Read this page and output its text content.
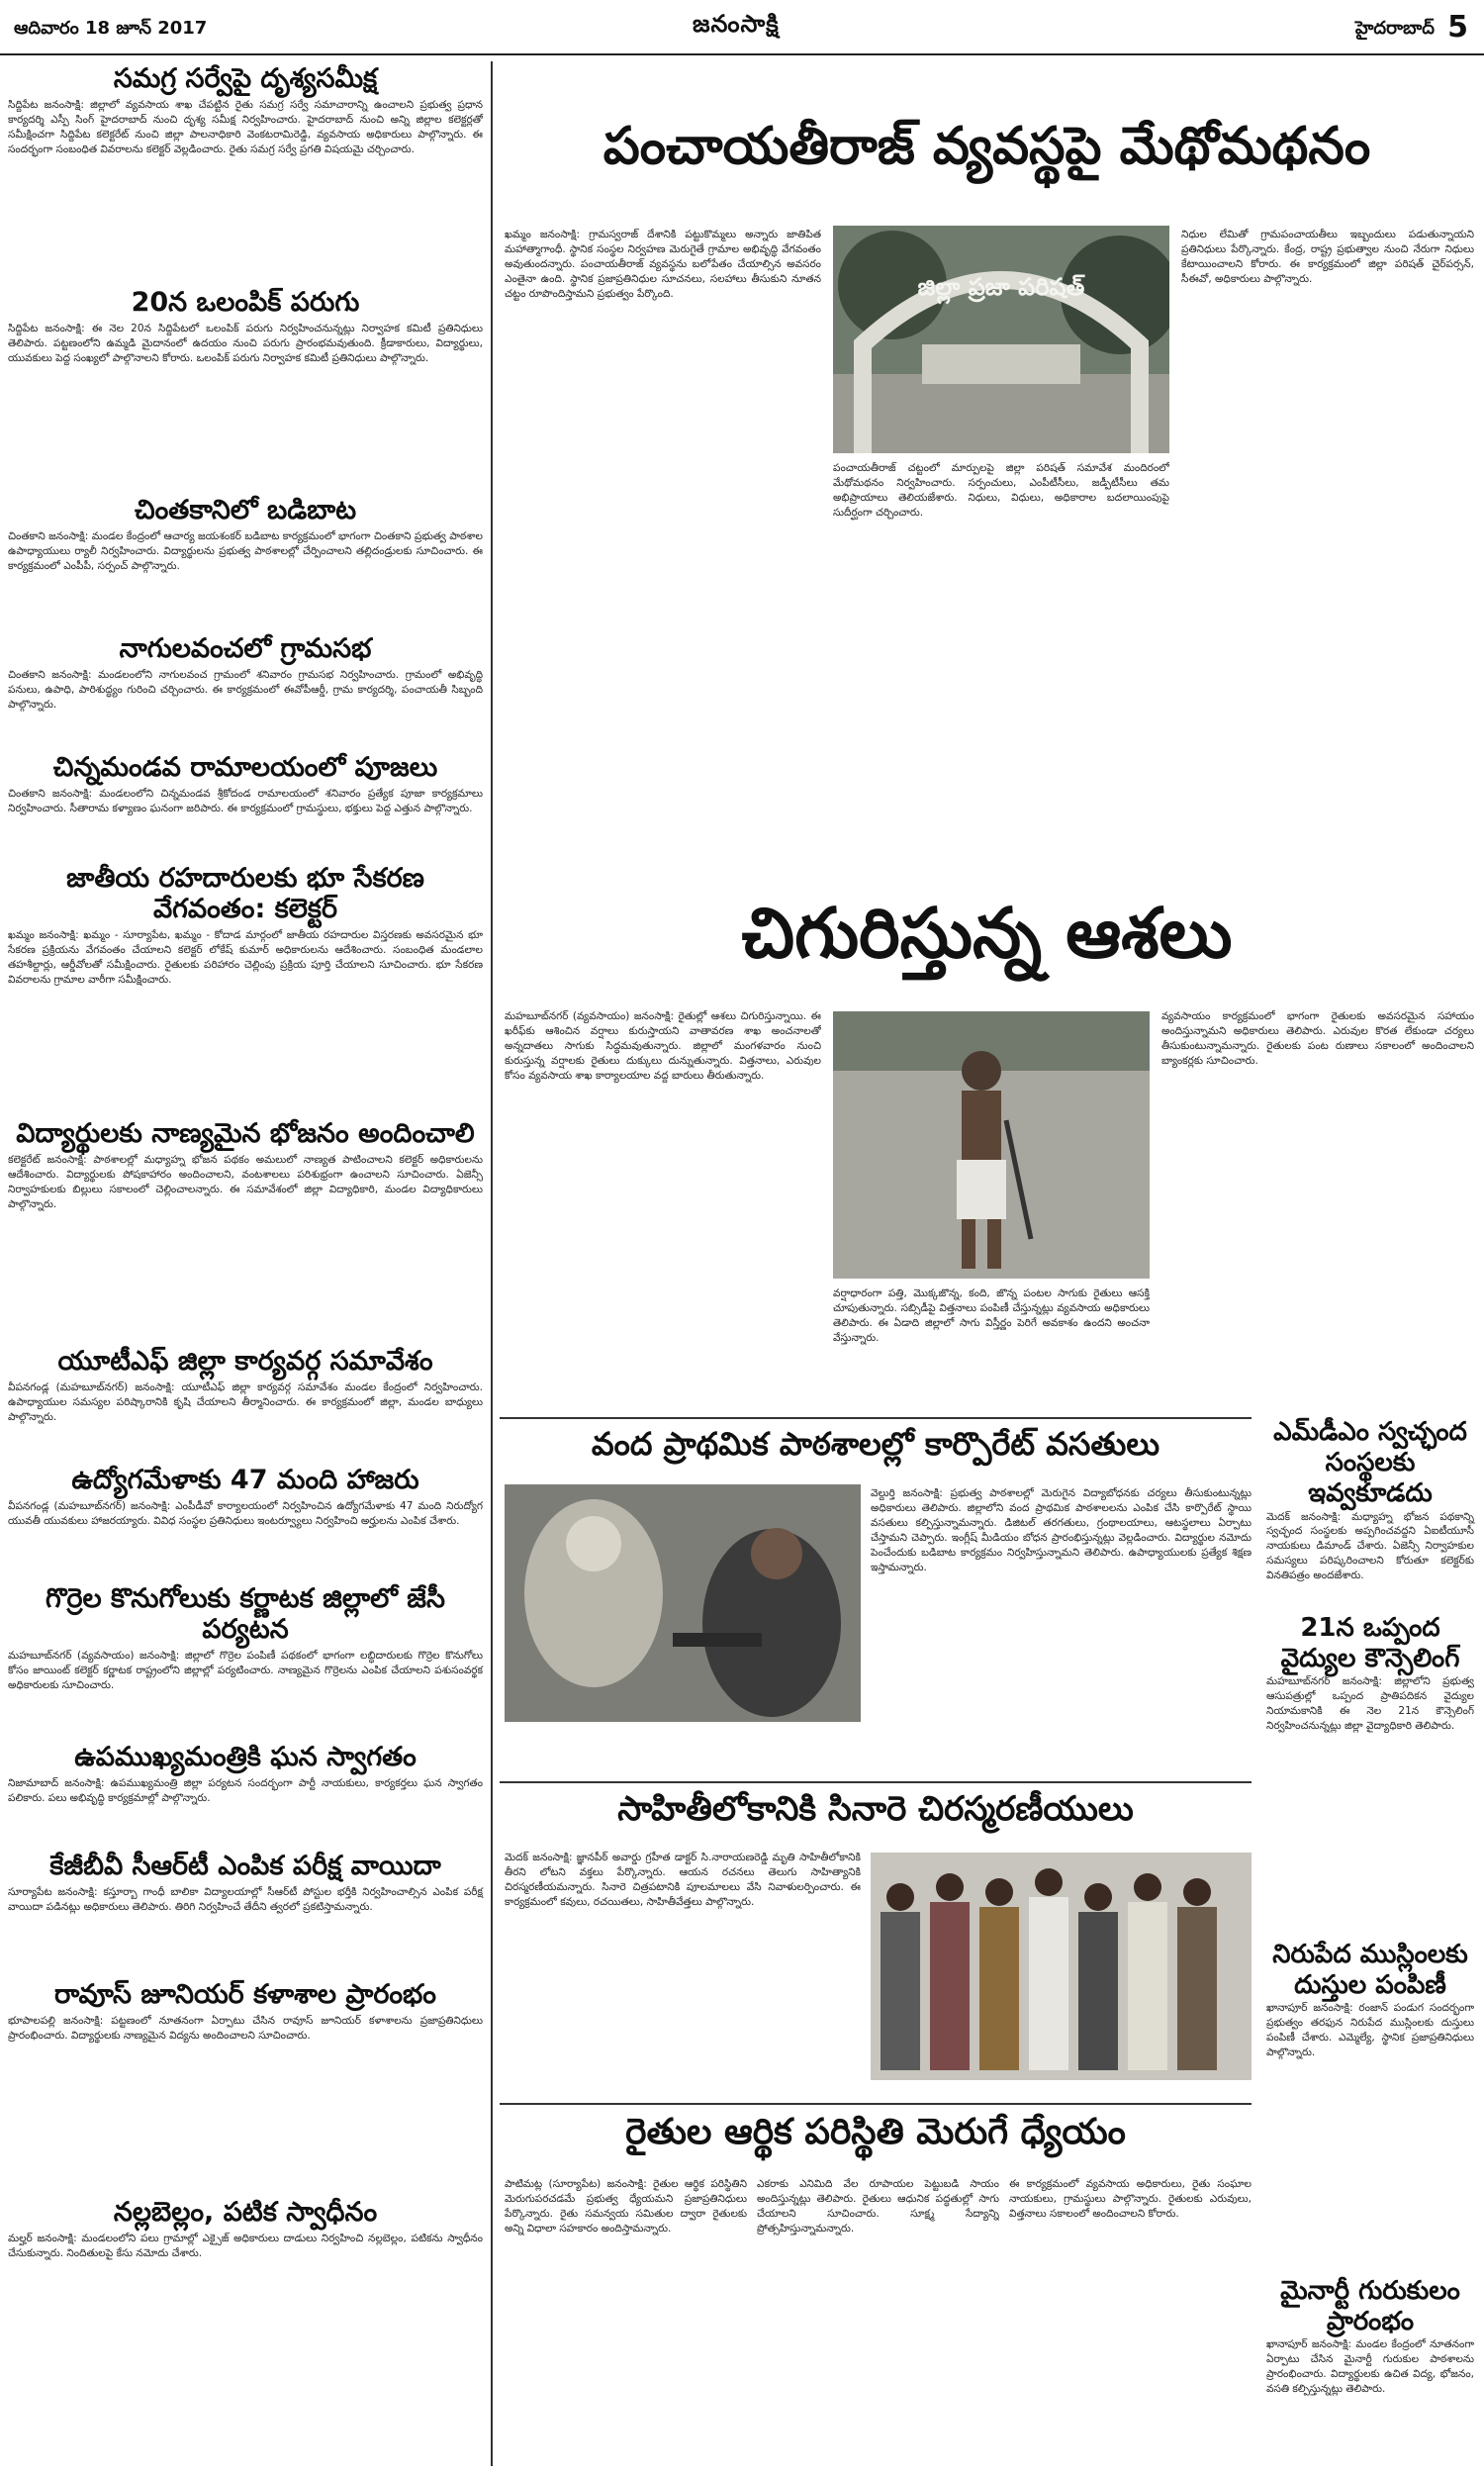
ఆదివారం 18 జూన్ 2017	జనంసాక్షి	హైదరాబాద్ 5
సమగ్ర సర్వేపై దృశ్యసమీక్ష

సిద్దిపేట జనంసాక్షి: జిల్లాలో వ్యవసాయ శాఖ చేపట్టిన రైతు సమగ్ర సర్వే సమాచారాన్ని ఉంచాలని ప్రభుత్వ ప్రధాన కార్యదర్శి ఎస్పీ సింగ్ హైదరాబాద్ నుంచి దృశ్య సమీక్ష నిర్వహించారు. హైదరాబాద్ నుంచి అన్ని జిల్లాల కలెక్టర్లతో సమీక్షించగా సిద్దిపేట కలెక్టరేట్ నుంచి జిల్లా పాలనాధికారి వెంకటరామిరెడ్డి, వ్యవసాయ అధికారులు పాల్గొన్నారు. ఈ సందర్భంగా సంబంధిత వివరాలను కలెక్టర్ వెల్లడించారు. రైతు సమగ్ర సర్వే ప్రగతి విషయమై చర్చించారు.

20న ఒలంపిక్ పరుగు

సిద్దిపేట జనంసాక్షి: ఈ నెల 20న సిద్దిపేటలో ఒలంపిక్ పరుగు నిర్వహించనున్నట్లు నిర్వాహక కమిటీ ప్రతినిధులు తెలిపారు. పట్టణంలోని ఉమ్మడి మైదానంలో ఉదయం నుంచి పరుగు ప్రారంభమవుతుంది. క్రీడాకారులు, విద్యార్థులు, యువకులు పెద్ద సంఖ్యలో పాల్గొనాలని కోరారు. ఒలంపిక్ పరుగు నిర్వాహక కమిటీ ప్రతినిధులు పాల్గొన్నారు.

చింతకానిలో బడిబాట

చింతకాని జనంసాక్షి: మండల కేంద్రంలో ఆచార్య జయశంకర్ బడిబాట కార్యక్రమంలో భాగంగా చింతకాని ప్రభుత్వ పాఠశాల ఉపాధ్యాయులు ర్యాలీ నిర్వహించారు. విద్యార్థులను ప్రభుత్వ పాఠశాలల్లో చేర్పించాలని తల్లిదండ్రులకు సూచించారు. ఈ కార్యక్రమంలో ఎంపీపీ, సర్పంచ్ పాల్గొన్నారు.

నాగులవంచలో గ్రామసభ

చింతకాని జనంసాక్షి: మండలంలోని నాగులవంచ గ్రామంలో శనివారం గ్రామసభ నిర్వహించారు. గ్రామంలో అభివృద్ధి పనులు, ఉపాధి, పారిశుద్ధ్యం గురించి చర్చించారు. ఈ కార్యక్రమంలో ఈవోపీఆర్డీ, గ్రామ కార్యదర్శి, పంచాయతీ సిబ్బంది పాల్గొన్నారు.

చిన్నమండవ రామాలయంలో పూజలు

చింతకాని జనంసాక్షి: మండలంలోని చిన్నమండవ శ్రీకోదండ రామాలయంలో శనివారం ప్రత్యేక పూజా కార్యక్రమాలు నిర్వహించారు. సీతారామ కళ్యాణం ఘనంగా జరిపారు. ఈ కార్యక్రమంలో గ్రామస్థులు, భక్తులు పెద్ద ఎత్తున పాల్గొన్నారు.

జాతీయ రహదారులకు భూ సేకరణ వేగవంతం: కలెక్టర్

ఖమ్మం జనంసాక్షి: ఖమ్మం - సూర్యాపేట, ఖమ్మం - కోదాడ మార్గంలో జాతీయ రహదారుల విస్తరణకు అవసరమైన భూ సేకరణ ప్రక్రియను వేగవంతం చేయాలని కలెక్టర్ లోకేష్ కుమార్ అధికారులను ఆదేశించారు. సంబంధిత మండలాల తహశీల్దార్లు, ఆర్డీవోలతో సమీక్షించారు. రైతులకు పరిహారం చెల్లింపు ప్రక్రియ పూర్తి చేయాలని సూచించారు. భూ సేకరణ వివరాలను గ్రామాల వారీగా సమీక్షించారు.

విద్యార్థులకు నాణ్యమైన భోజనం అందించాలి

కలెక్టరేట్ జనంసాక్షి: పాఠశాలల్లో మధ్యాహ్న భోజన పథకం అమలులో నాణ్యత పాటించాలని కలెక్టర్ అధికారులను ఆదేశించారు. విద్యార్థులకు పోషకాహారం అందించాలని, వంటశాలలు పరిశుభ్రంగా ఉంచాలని సూచించారు. ఏజెన్సీ నిర్వాహకులకు బిల్లులు సకాలంలో చెల్లించాలన్నారు. ఈ సమావేశంలో జిల్లా విద్యాధికారి, మండల విద్యాధికారులు పాల్గొన్నారు.

యూటీఎఫ్ జిల్లా కార్యవర్గ సమావేశం

వీపనగండ్ల (మహబూబ్‌నగర్) జనంసాక్షి: యూటీఎఫ్ జిల్లా కార్యవర్గ సమావేశం మండల కేంద్రంలో నిర్వహించారు. ఉపాధ్యాయుల సమస్యల పరిష్కారానికి కృషి చేయాలని తీర్మానించారు. ఈ కార్యక్రమంలో జిల్లా, మండల బాధ్యులు పాల్గొన్నారు.

ఉద్యోగమేళాకు 47 మంది హాజరు

వీపనగండ్ల (మహబూబ్‌నగర్) జనంసాక్షి: ఎంపీడీవో కార్యాలయంలో నిర్వహించిన ఉద్యోగమేళాకు 47 మంది నిరుద్యోగ యువతీ యువకులు హాజరయ్యారు. వివిధ సంస్థల ప్రతినిధులు ఇంటర్వ్యూలు నిర్వహించి అర్హులను ఎంపిక చేశారు.

గొర్రెల కొనుగోలుకు కర్ణాటక జిల్లాలో జేసీ పర్యటన

మహబూబ్‌నగర్ (వ్యవసాయం) జనంసాక్షి: జిల్లాలో గొర్రెల పంపిణీ పథకంలో భాగంగా లబ్ధిదారులకు గొర్రెల కొనుగోలు కోసం జాయింట్ కలెక్టర్ కర్ణాటక రాష్ట్రంలోని జిల్లాల్లో పర్యటించారు. నాణ్యమైన గొర్రెలను ఎంపిక చేయాలని పశుసంవర్థక అధికారులకు సూచించారు.

ఉపముఖ్యమంత్రికి ఘన స్వాగతం

నిజామాబాద్ జనంసాక్షి: ఉపముఖ్యమంత్రి జిల్లా పర్యటన సందర్భంగా పార్టీ నాయకులు, కార్యకర్తలు ఘన స్వాగతం పలికారు. పలు అభివృద్ధి కార్యక్రమాల్లో పాల్గొన్నారు.

కేజీబీవీ సీఆర్‌టీ ఎంపిక పరీక్ష వాయిదా

సూర్యాపేట జనంసాక్షి: కస్తూర్బా గాంధీ బాలికా విద్యాలయాల్లో సీఆర్‌టీ పోస్టుల భర్తీకి నిర్వహించాల్సిన ఎంపిక పరీక్ష వాయిదా పడినట్లు అధికారులు తెలిపారు. తిరిగి నిర్వహించే తేదీని త్వరలో ప్రకటిస్తామన్నారు.

రావూస్ జూనియర్ కళాశాల ప్రారంభం

భూపాలపల్లి జనంసాక్షి: పట్టణంలో నూతనంగా ఏర్పాటు చేసిన రావూస్ జూనియర్ కళాశాలను ప్రజాప్రతినిధులు ప్రారంభించారు. విద్యార్థులకు నాణ్యమైన విద్యను అందించాలని సూచించారు.

నల్లబెల్లం, పటిక స్వాధీనం

మల్హర్ జనంసాక్షి: మండలంలోని పలు గ్రామాల్లో ఎక్సైజ్ అధికారులు దాడులు నిర్వహించి నల్లబెల్లం, పటికను స్వాధీనం చేసుకున్నారు. నిందితులపై కేసు నమోదు చేశారు.

పంచాయతీరాజ్ వ్యవస్థపై మేథోమథనం
ఖమ్మం జనంసాక్షి: గ్రామస్వరాజ్ దేశానికి పట్టుకొమ్మలు అన్నారు జాతిపిత మహాత్మాగాంధీ. స్థానిక సంస్థల నిర్వహణ మెరుగైతే గ్రామాల అభివృద్ధి వేగవంతం అవుతుందన్నారు. పంచాయతీరాజ్ వ్యవస్థను బలోపేతం చేయాల్సిన అవసరం ఎంతైనా ఉంది. స్థానిక ప్రజాప్రతినిధుల సూచనలు, సలహాలు తీసుకుని నూతన చట్టం రూపొందిస్తామని ప్రభుత్వం పేర్కొంది.	జిల్లా ప్రజా పరిషత్
పంచాయతీరాజ్ చట్టంలో మార్పులపై జిల్లా పరిషత్ సమావేశ మందిరంలో మేథోమథనం నిర్వహించారు. సర్పంచులు, ఎంపీటీసీలు, జడ్పీటీసీలు తమ అభిప్రాయాలు తెలియజేశారు. నిధులు, విధులు, అధికారాల బదలాయింపుపై సుదీర్ఘంగా చర్చించారు.
నిధుల లేమితో గ్రామపంచాయతీలు ఇబ్బందులు పడుతున్నాయని ప్రతినిధులు పేర్కొన్నారు. కేంద్ర, రాష్ట్ర ప్రభుత్వాల నుంచి నేరుగా నిధులు కేటాయించాలని కోరారు. ఈ కార్యక్రమంలో జిల్లా పరిషత్ చైర్‌పర్సన్, సీఈవో, అధికారులు పాల్గొన్నారు.
చిగురిస్తున్న ఆశలు
మహబూబ్‌నగర్ (వ్యవసాయం) జనంసాక్షి: రైతుల్లో ఆశలు చిగురిస్తున్నాయి. ఈ ఖరీఫ్‌కు ఆశించిన వర్షాలు కురుస్తాయని వాతావరణ శాఖ అంచనాలతో అన్నదాతలు సాగుకు సిద్ధమవుతున్నారు. జిల్లాలో మంగళవారం నుంచి కురుస్తున్న వర్షాలకు రైతులు దుక్కులు దున్నుతున్నారు. విత్తనాలు, ఎరువుల కోసం వ్యవసాయ శాఖ కార్యాలయాల వద్ద బారులు తీరుతున్నారు.
వర్షాధారంగా పత్తి, మొక్కజొన్న, కంది, జొన్న పంటల సాగుకు రైతులు ఆసక్తి చూపుతున్నారు. సబ్సిడీపై విత్తనాలు పంపిణీ చేస్తున్నట్లు వ్యవసాయ అధికారులు తెలిపారు. ఈ ఏడాది జిల్లాలో సాగు విస్తీర్ణం పెరిగే అవకాశం ఉందని అంచనా వేస్తున్నారు.
వ్యవసాయం కార్యక్రమంలో భాగంగా రైతులకు అవసరమైన సహాయం అందిస్తున్నామని అధికారులు తెలిపారు. ఎరువుల కొరత లేకుండా చర్యలు తీసుకుంటున్నామన్నారు. రైతులకు పంట రుణాలు సకాలంలో అందించాలని బ్యాంకర్లకు సూచించారు.
వంద ప్రాథమిక పాఠశాలల్లో కార్పొరేట్ వసతులు
వెల్దుర్తి జనంసాక్షి: ప్రభుత్వ పాఠశాలల్లో మెరుగైన విద్యాబోధనకు చర్యలు తీసుకుంటున్నట్లు అధికారులు తెలిపారు. జిల్లాలోని వంద ప్రాథమిక పాఠశాలలను ఎంపిక చేసి కార్పొరేట్ స్థాయి వసతులు కల్పిస్తున్నామన్నారు. డిజిటల్ తరగతులు, గ్రంథాలయాలు, ఆటస్థలాలు ఏర్పాటు చేస్తామని చెప్పారు. ఇంగ్లీష్ మీడియం బోధన ప్రారంభిస్తున్నట్లు వెల్లడించారు. విద్యార్థుల నమోదు పెంచేందుకు బడిబాట కార్యక్రమం నిర్వహిస్తున్నామని తెలిపారు. ఉపాధ్యాయులకు ప్రత్యేక శిక్షణ ఇస్తామన్నారు.
ఎమ్‌డీఎం స్వచ్ఛంద సంస్థలకు ఇవ్వకూడదు

మెదక్ జనంసాక్షి: మధ్యాహ్న భోజన పథకాన్ని స్వచ్ఛంద సంస్థలకు అప్పగించవద్దని ఏఐటీయూసీ నాయకులు డిమాండ్ చేశారు. ఏజెన్సీ నిర్వాహకుల సమస్యలు పరిష్కరించాలని కోరుతూ కలెక్టర్‌కు వినతిపత్రం అందజేశారు.

21న ఒప్పంద వైద్యుల కౌన్సెలింగ్

మహబూబ్‌నగర్ జనంసాక్షి: జిల్లాలోని ప్రభుత్వ ఆసుపత్రుల్లో ఒప్పంద ప్రాతిపదికన వైద్యుల నియామకానికి ఈ నెల 21న కౌన్సెలింగ్ నిర్వహించనున్నట్లు జిల్లా వైద్యాధికారి తెలిపారు.

నిరుపేద ముస్లింలకు దుస్తుల పంపిణీ

ఖానాపూర్ జనంసాక్షి: రంజాన్ పండుగ సందర్భంగా ప్రభుత్వం తరఫున నిరుపేద ముస్లింలకు దుస్తులు పంపిణీ చేశారు. ఎమ్మెల్యే, స్థానిక ప్రజాప్రతినిధులు పాల్గొన్నారు.

మైనార్టీ గురుకులం ప్రారంభం

ఖానాపూర్ జనంసాక్షి: మండల కేంద్రంలో నూతనంగా ఏర్పాటు చేసిన మైనార్టీ గురుకుల పాఠశాలను ప్రారంభించారు. విద్యార్థులకు ఉచిత విద్య, భోజనం, వసతి కల్పిస్తున్నట్లు తెలిపారు.

సాహితీలోకానికి సినారె చిరస్మరణీయులు
మెదక్ జనంసాక్షి: జ్ఞానపీఠ్ అవార్డు గ్రహీత డాక్టర్ సి.నారాయణరెడ్డి మృతి సాహితీలోకానికి తీరని లోటని వక్తలు పేర్కొన్నారు. ఆయన రచనలు తెలుగు సాహిత్యానికి చిరస్మరణీయమన్నారు. సినారె చిత్రపటానికి పూలమాలలు వేసి నివాళులర్పించారు. ఈ కార్యక్రమంలో కవులు, రచయితలు, సాహితీవేత్తలు పాల్గొన్నారు.
రైతుల ఆర్థిక పరిస్థితి మెరుగే ధ్యేయం
పాటిమట్ల (సూర్యాపేట) జనంసాక్షి: రైతుల ఆర్థిక పరిస్థితిని మెరుగుపరచడమే ప్రభుత్వ ధ్యేయమని ప్రజాప్రతినిధులు పేర్కొన్నారు. రైతు సమన్వయ సమితుల ద్వారా రైతులకు అన్ని విధాలా సహకారం అందిస్తామన్నారు.
ఎకరాకు ఎనిమిది వేల రూపాయల పెట్టుబడి సాయం అందిస్తున్నట్లు తెలిపారు. రైతులు ఆధునిక పద్ధతుల్లో సాగు చేయాలని సూచించారు. సూక్ష్మ సేద్యాన్ని ప్రోత్సహిస్తున్నామన్నారు.
ఈ కార్యక్రమంలో వ్యవసాయ అధికారులు, రైతు సంఘాల నాయకులు, గ్రామస్థులు పాల్గొన్నారు. రైతులకు ఎరువులు, విత్తనాలు సకాలంలో అందించాలని కోరారు.
